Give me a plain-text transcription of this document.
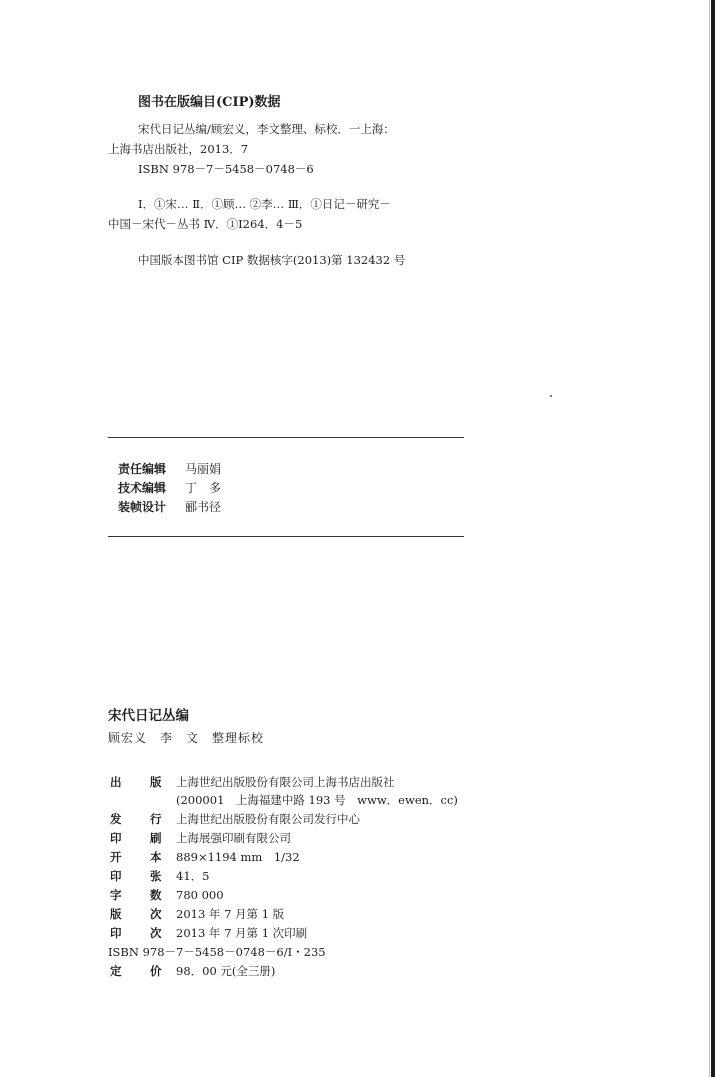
图书在版编目(CIP)数据
宋代日记丛编/顾宏义，李文整理、标校．一上海：
上海书店出版社，2013．7
ISBN 978－7－5458－0748－6
Ⅰ．①宋… Ⅱ．①顾… ②李… Ⅲ．①日记－研究－
中国－宋代－丛书 Ⅳ．①I264．4－5
中国版本图书馆 CIP 数据核字(2013)第 132432 号
责任编辑 马丽娟
技术编辑 丁　多
装帧设计 郦书径
宋代日记丛编
顾宏义　李　文　整理标校
出 版 上海世纪出版股份有限公司上海书店出版社
(200001　上海福建中路 193 号　www．ewen．cc)
发 行 上海世纪出版股份有限公司发行中心
印 刷 上海展强印刷有限公司
开 本 889×1194 mm　1/32
印 张 41．5
字 数 780 000
版 次 2013 年 7 月第 1 版
印 次 2013 年 7 月第 1 次印刷
ISBN 978－7－5458－0748－6/I・235
定 价 98．00 元(全三册)
